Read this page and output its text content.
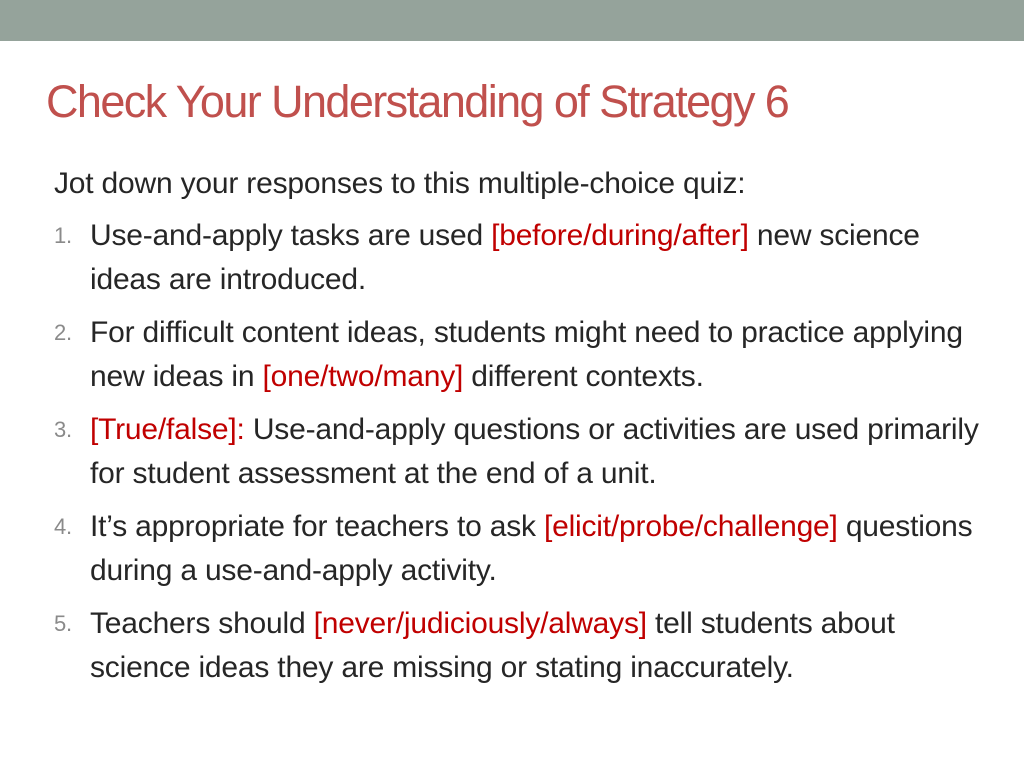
Check Your Understanding of Strategy 6

Jot down your responses to this multiple-choice quiz:

1. Use-and-apply tasks are used [before/during/after] new science ideas are introduced.
2. For difficult content ideas, students might need to practice applying new ideas in [one/two/many] different contexts.
3. [True/false]: Use-and-apply questions or activities are used primarily for student assessment at the end of a unit.
4. It’s appropriate for teachers to ask [elicit/probe/challenge] questions during a use-and-apply activity.
5. Teachers should [never/judiciously/always] tell students about science ideas they are missing or stating inaccurately.
